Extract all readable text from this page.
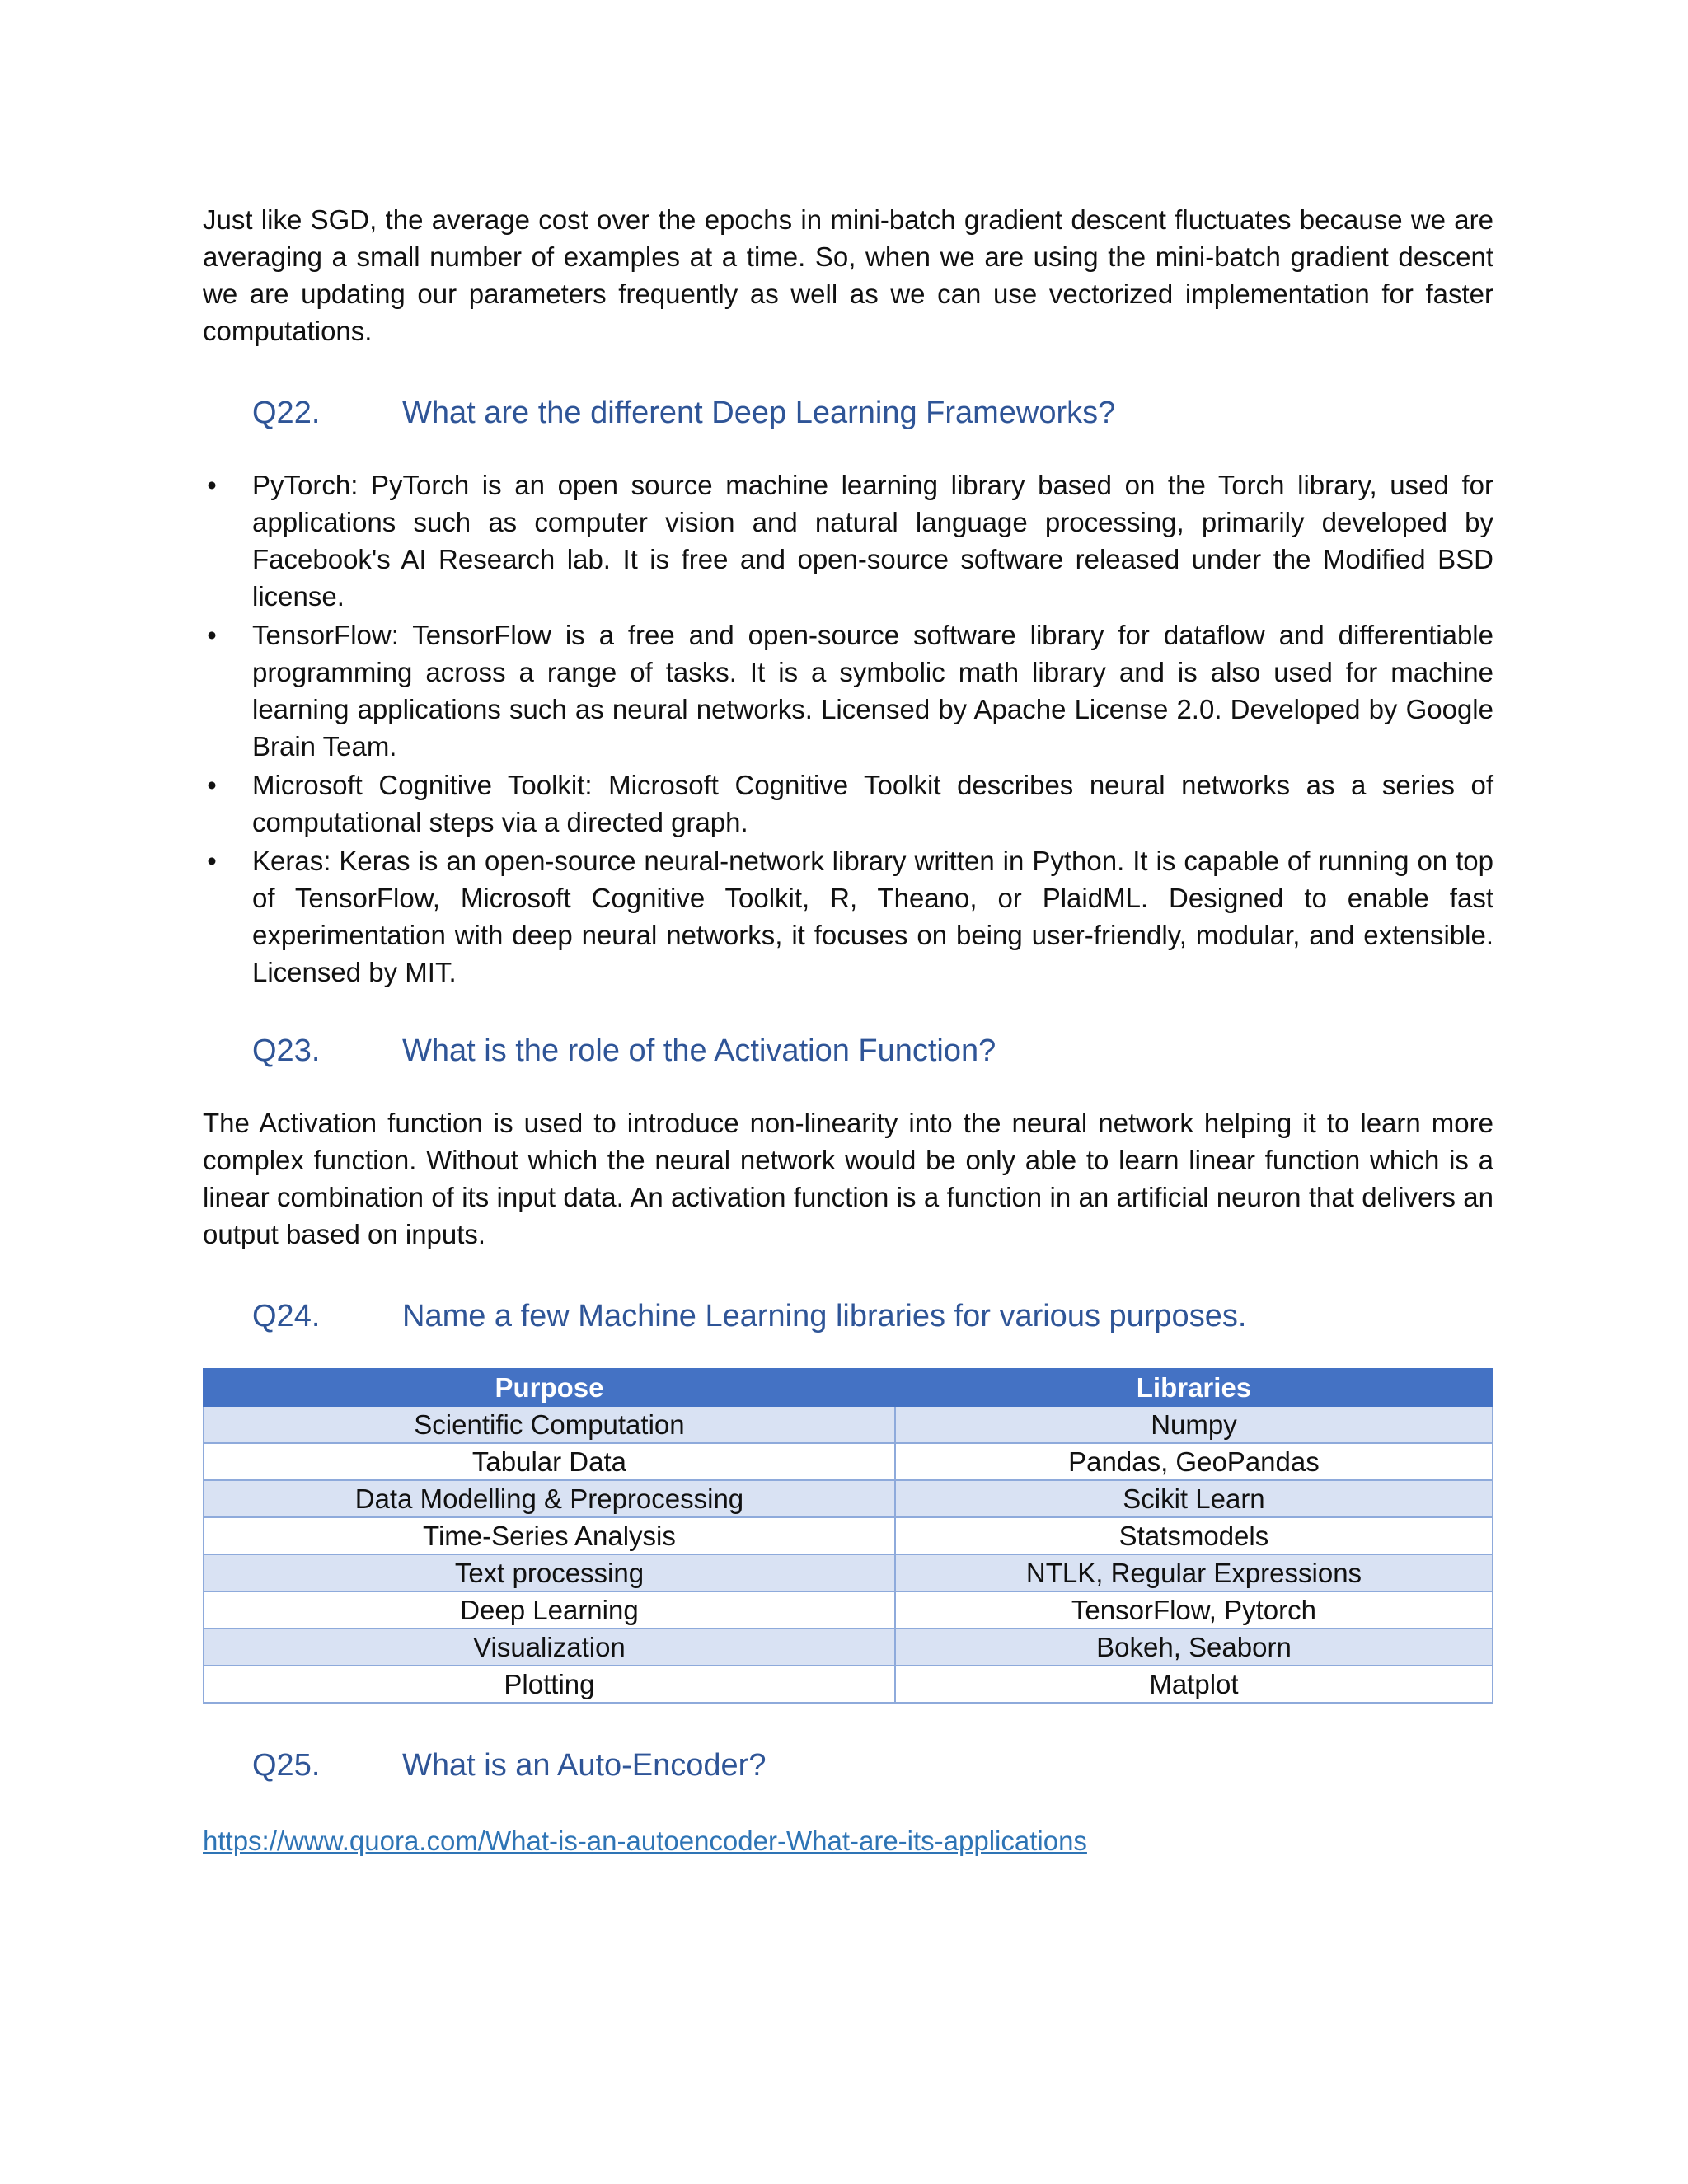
Just like SGD, the average cost over the epochs in mini-batch gradient descent fluctuates because we are averaging a small number of examples at a time. So, when we are using the mini-batch gradient descent we are updating our parameters frequently as well as we can use vectorized implementation for faster computations.

Q22.	What are the different Deep Learning Frameworks?
• PyTorch: PyTorch is an open source machine learning library based on the Torch library, used for applications such as computer vision and natural language processing, primarily developed by Facebook's AI Research lab. It is free and open-source software released under the Modified BSD license.
• TensorFlow: TensorFlow is a free and open-source software library for dataflow and differentiable programming across a range of tasks. It is a symbolic math library and is also used for machine learning applications such as neural networks. Licensed by Apache License 2.0. Developed by Google Brain Team.
• Microsoft Cognitive Toolkit: Microsoft Cognitive Toolkit describes neural networks as a series of computational steps via a directed graph.
• Keras: Keras is an open-source neural-network library written in Python. It is capable of running on top of TensorFlow, Microsoft Cognitive Toolkit, R, Theano, or PlaidML. Designed to enable fast experimentation with deep neural networks, it focuses on being user-friendly, modular, and extensible. Licensed by MIT.
Q23.	What is the role of the Activation Function?

The Activation function is used to introduce non-linearity into the neural network helping it to learn more complex function. Without which the neural network would be only able to learn linear function which is a linear combination of its input data. An activation function is a function in an artificial neuron that delivers an output based on inputs.

Q24.	Name a few Machine Learning libraries for various purposes.
Purpose	Libraries
Scientific Computation	Numpy
Tabular Data	Pandas, GeoPandas
Data Modelling & Preprocessing	Scikit Learn
Time-Series Analysis	Statsmodels
Text processing	NTLK, Regular Expressions
Deep Learning	TensorFlow, Pytorch
Visualization	Bokeh, Seaborn
Plotting	Matplot
Q25.	What is an Auto-Encoder?
https://www.quora.com/What-is-an-autoencoder-What-are-its-applications
